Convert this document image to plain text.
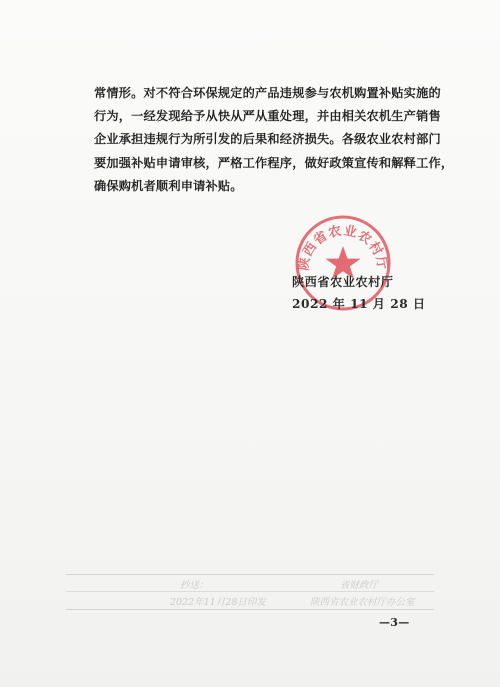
常情形。对不符合环保规定的产品违规参与农机购置补贴实施的
行为，一经发现给予从快从严从重处理，并由相关农机生产销售
企业承担违规行为所引发的后果和经济损失。各级农业农村部门
要加强补贴申请审核，严格工作程序，做好政策宣传和解释工作，
确保购机者顺利申请补贴。
陕西省农业农村厅
陕西省农业农村厅
2022 年 11 月 28 日
抄送：	省财政厅
2022年11月28日印发	陕西省农业农村厅办公室
—3—
